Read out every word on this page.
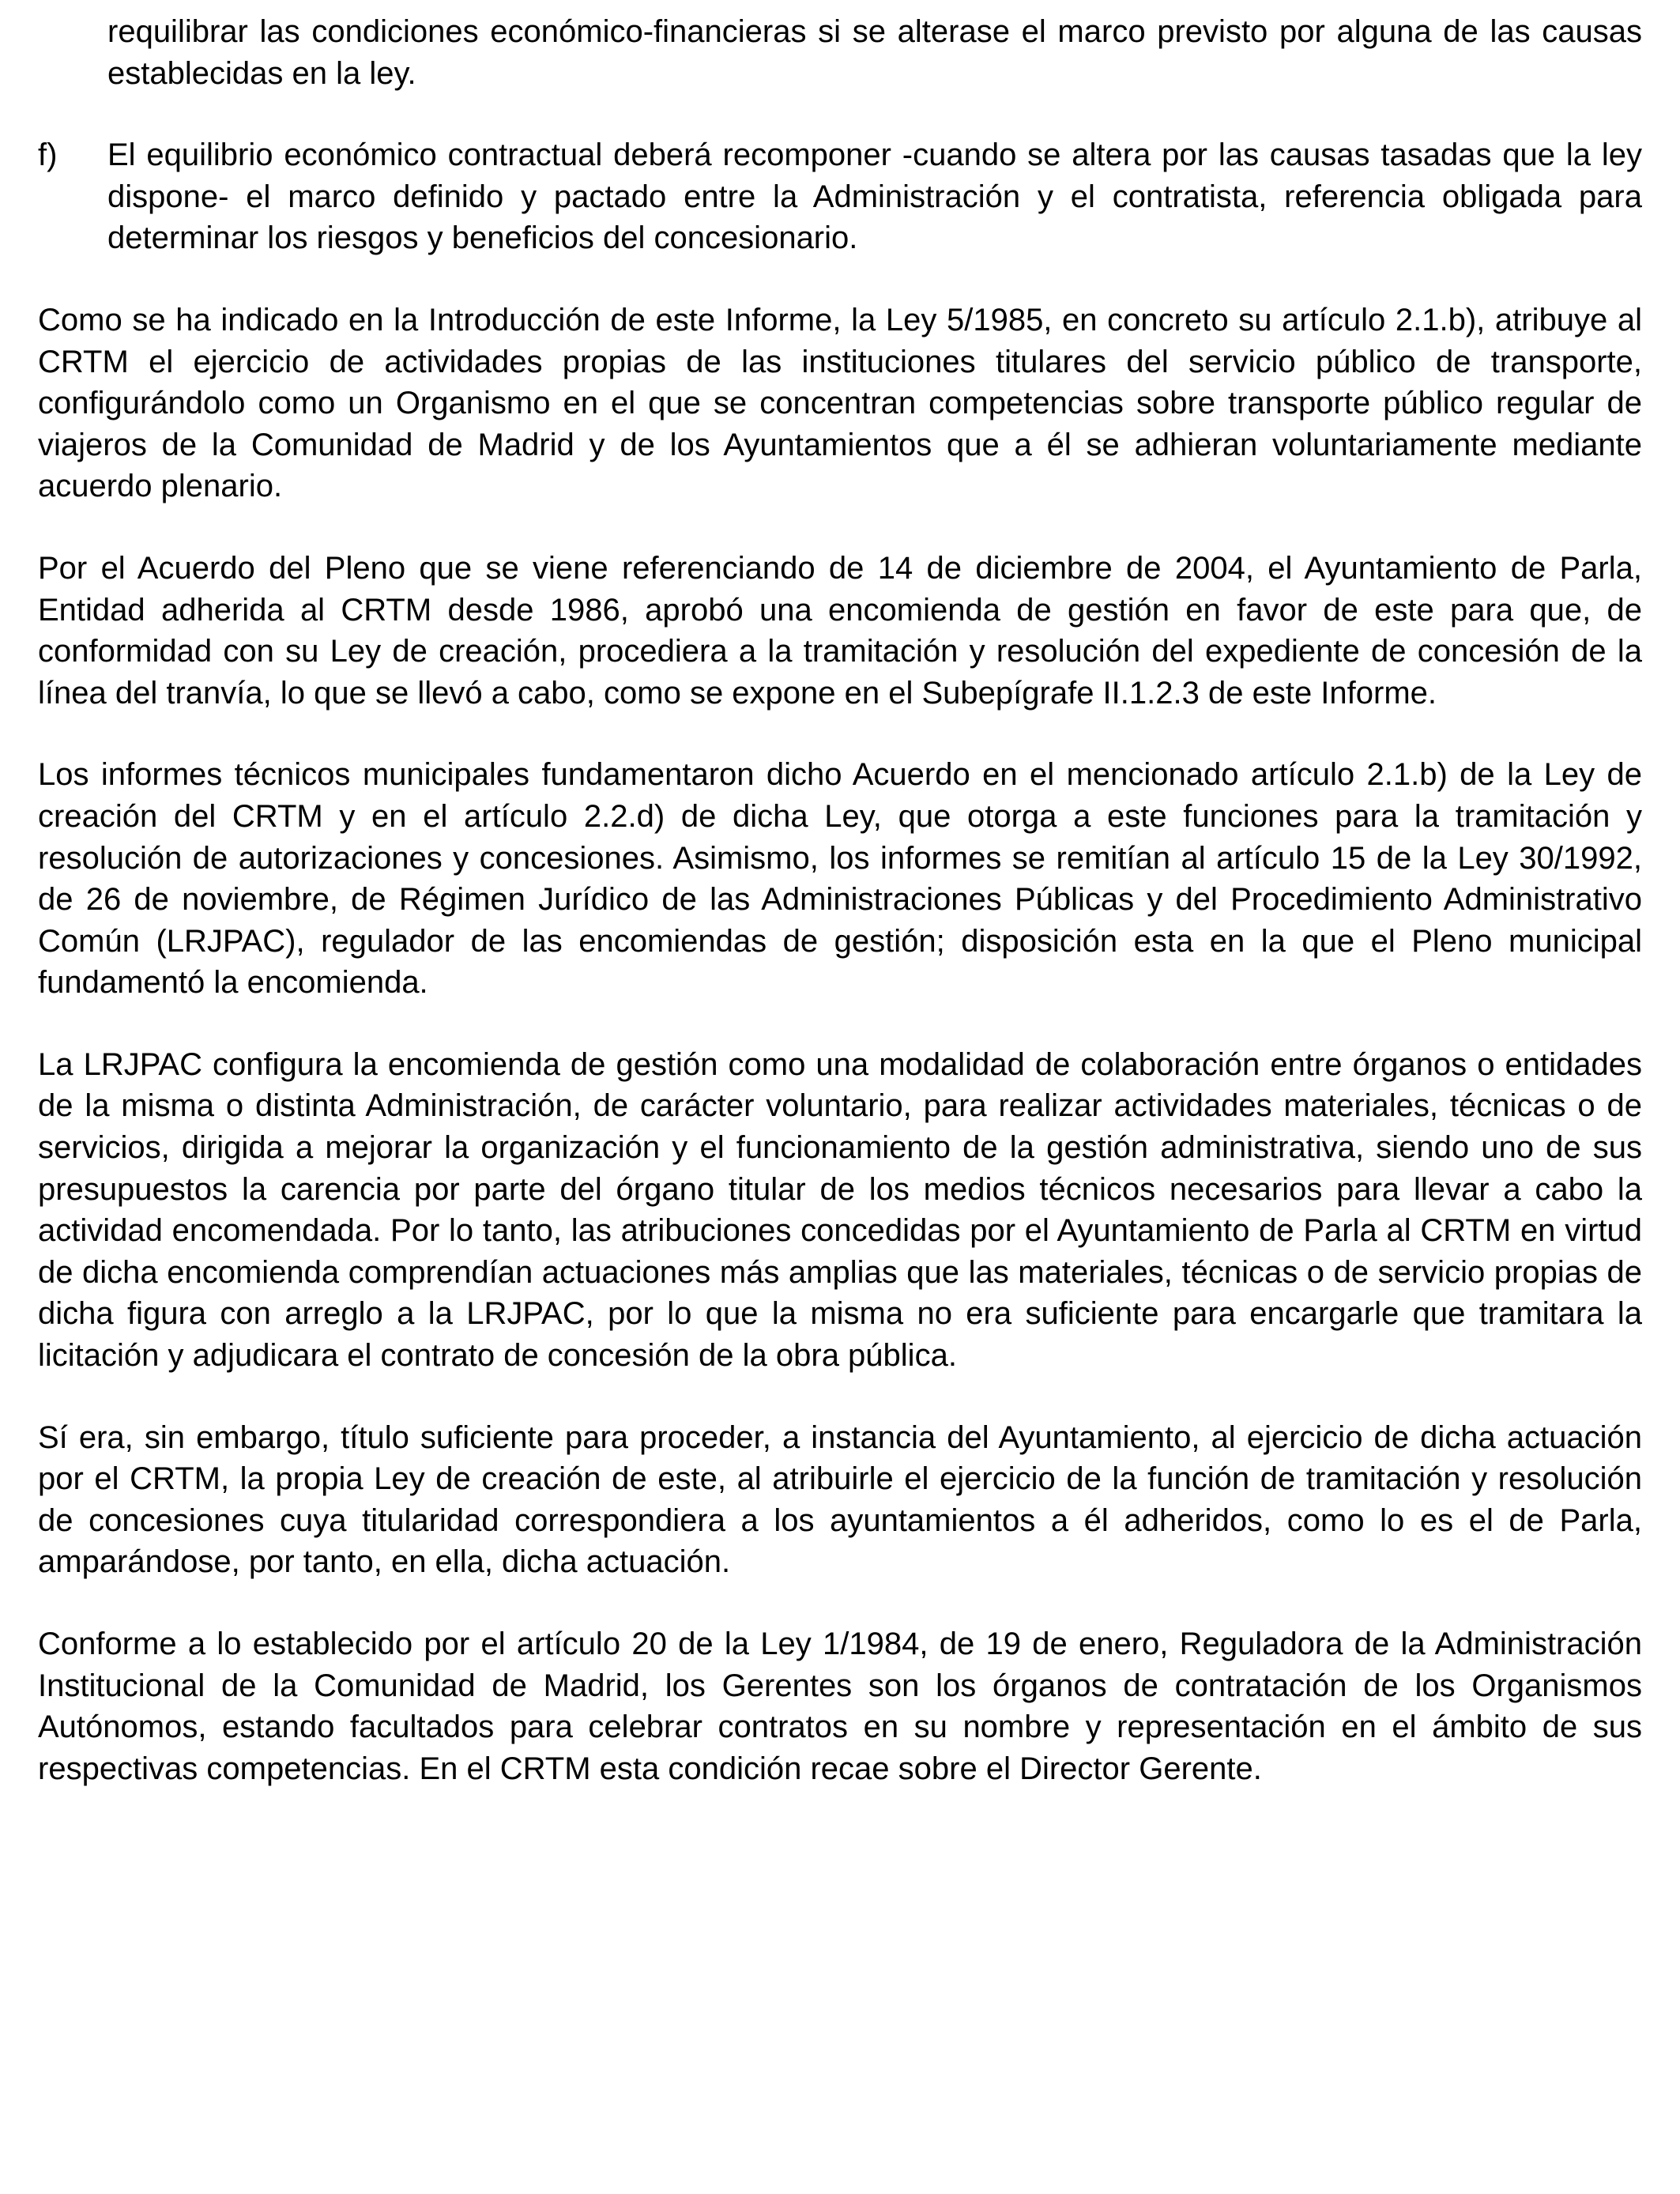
requilibrar las condiciones económico-financieras si se alterase el marco previsto por alguna de las causas establecidas en la ley.

f)	El equilibrio económico contractual deberá recomponer -cuando se altera por las causas tasadas que la ley dispone- el marco definido y pactado entre la Administración y el contratista, referencia obligada para determinar los riesgos y beneficios del concesionario.

Como se ha indicado en la Introducción de este Informe, la Ley 5/1985, en concreto su artículo 2.1.b), atribuye al CRTM el ejercicio de actividades propias de las instituciones titulares del servicio público de transporte, configurándolo como un Organismo en el que se concentran competencias sobre transporte público regular de viajeros de la Comunidad de Madrid y de los Ayuntamientos que a él se adhieran voluntariamente mediante acuerdo plenario.

Por el Acuerdo del Pleno que se viene referenciando de 14 de diciembre de 2004, el Ayuntamiento de Parla, Entidad adherida al CRTM desde 1986, aprobó una encomienda de gestión en favor de este para que, de conformidad con su Ley de creación, procediera a la tramitación y resolución del expediente de concesión de la línea del tranvía, lo que se llevó a cabo, como se expone en el Subepígrafe II.1.2.3 de este Informe.

Los informes técnicos municipales fundamentaron dicho Acuerdo en el mencionado artículo 2.1.b) de la Ley de creación del CRTM y en el artículo 2.2.d) de dicha Ley, que otorga a este funciones para la tramitación y resolución de autorizaciones y concesiones. Asimismo, los informes se remitían al artículo 15 de la Ley 30/1992, de 26 de noviembre, de Régimen Jurídico de las Administraciones Públicas y del Procedimiento Administrativo Común (LRJPAC), regulador de las encomiendas de gestión; disposición esta en la que el Pleno municipal fundamentó la encomienda.

La LRJPAC configura la encomienda de gestión como una modalidad de colaboración entre órganos o entidades de la misma o distinta Administración, de carácter voluntario, para realizar actividades materiales, técnicas o de servicios, dirigida a mejorar la organización y el funcionamiento de la gestión administrativa, siendo uno de sus presupuestos la carencia por parte del órgano titular de los medios técnicos necesarios para llevar a cabo la actividad encomendada. Por lo tanto, las atribuciones concedidas por el Ayuntamiento de Parla al CRTM en virtud de dicha encomienda comprendían actuaciones más amplias que las materiales, técnicas o de servicio propias de dicha figura con arreglo a la LRJPAC, por lo que la misma no era suficiente para encargarle que tramitara la licitación y adjudicara el contrato de concesión de la obra pública.

Sí era, sin embargo, título suficiente para proceder, a instancia del Ayuntamiento, al ejercicio de dicha actuación por el CRTM, la propia Ley de creación de este, al atribuirle el ejercicio de la función de tramitación y resolución de concesiones cuya titularidad correspondiera a los ayuntamientos a él adheridos, como lo es el de Parla, amparándose, por tanto, en ella, dicha actuación.

Conforme a lo establecido por el artículo 20 de la Ley 1/1984, de 19 de enero, Reguladora de la Administración Institucional de la Comunidad de Madrid, los Gerentes son los órganos de contratación de los Organismos Autónomos, estando facultados para celebrar contratos en su nombre y representación en el ámbito de sus respectivas competencias. En el CRTM esta condición recae sobre el Director Gerente.
